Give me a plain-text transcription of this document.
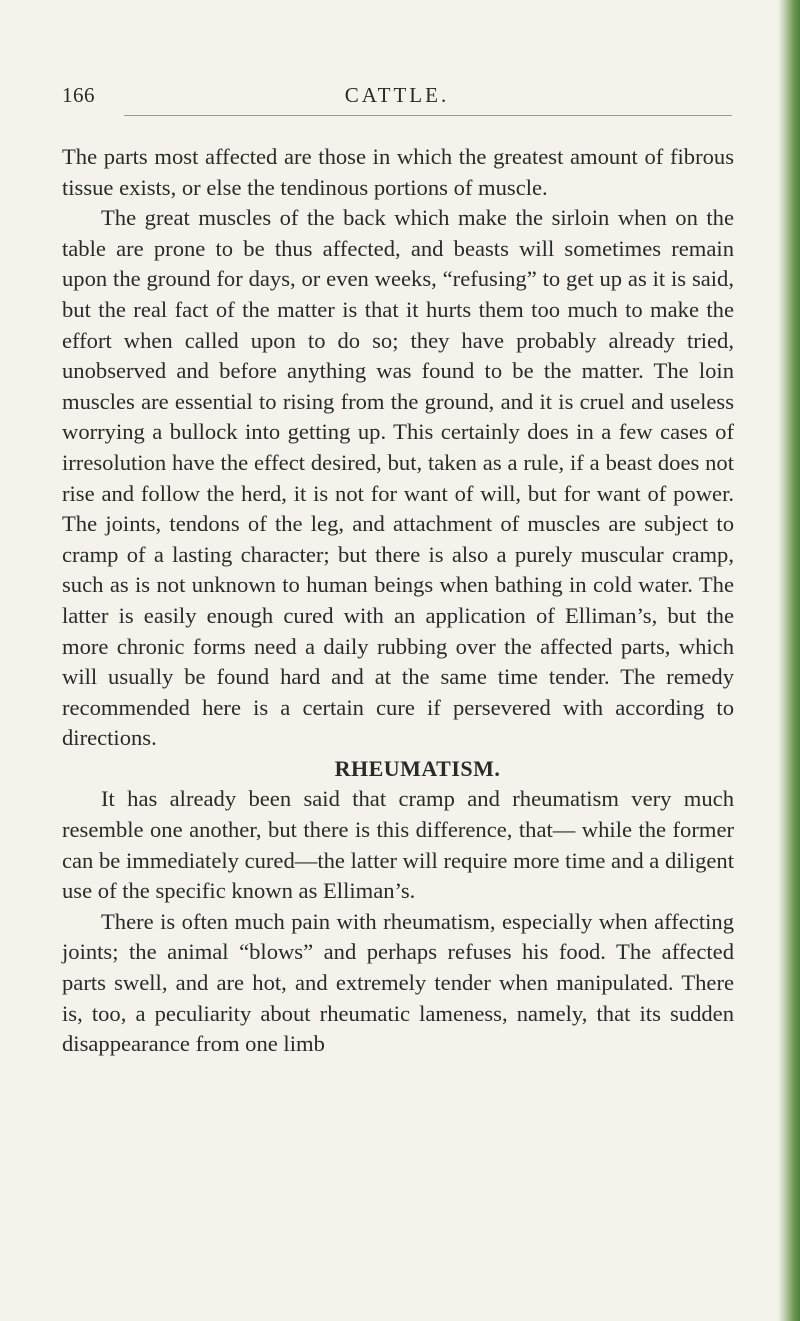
166	CATTLE.

The parts most affected are those in which the greatest amount of fibrous tissue exists, or else the tendinous portions of muscle.

The great muscles of the back which make the sirloin when on the table are prone to be thus affected, and beasts will sometimes remain upon the ground for days, or even weeks, “refusing” to get up as it is said, but the real fact of the matter is that it hurts them too much to make the effort when called upon to do so; they have probably already tried, unobserved and before anything was found to be the matter. The loin muscles are essential to rising from the ground, and it is cruel and useless worrying a bullock into getting up. This certainly does in a few cases of irresolution have the effect desired, but, taken as a rule, if a beast does not rise and follow the herd, it is not for want of will, but for want of power. The joints, tendons of the leg, and attachment of muscles are subject to cramp of a lasting character; but there is also a purely muscular cramp, such as is not unknown to human beings when bathing in cold water. The latter is easily enough cured with an application of Elliman’s, but the more chronic forms need a daily rubbing over the affected parts, which will usually be found hard and at the same time tender. The remedy recommended here is a certain cure if persevered with according to directions.

RHEUMATISM.

It has already been said that cramp and rheumatism very much resemble one another, but there is this difference, that— while the former can be immediately cured—the latter will require more time and a diligent use of the specific known as Elliman’s.

There is often much pain with rheumatism, especially when affecting joints; the animal “blows” and perhaps refuses his food. The affected parts swell, and are hot, and extremely tender when manipulated. There is, too, a peculiarity about rheumatic lameness, namely, that its sudden disappearance from one limb
